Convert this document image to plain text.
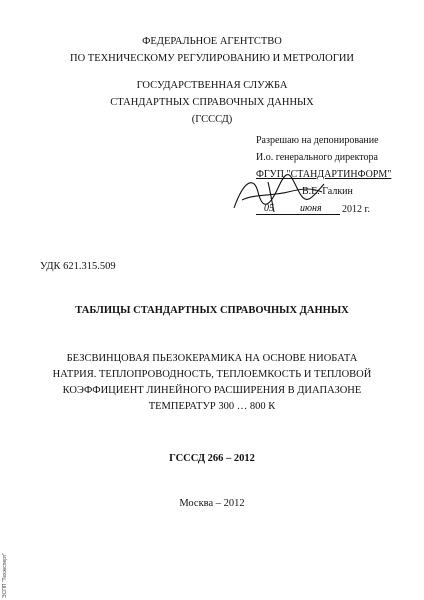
ФЕДЕРАЛЬНОЕ АГЕНТСТВО
ПО ТЕХНИЧЕСКОМУ РЕГУЛИРОВАНИЮ И МЕТРОЛОГИИ
ГОСУДАРСТВЕННАЯ СЛУЖБА
СТАНДАРТНЫХ СПРАВОЧНЫХ ДАННЫХ
(ГСССД)
Разрешаю на депонирование
И.о. генерального директора
ФГУП "СТАНДАРТИНФОРМ"
В.Е. Галкин
05	июня 2012 г.
УДК 621.315.509
ТАБЛИЦЫ СТАНДАРТНЫХ СПРАВОЧНЫХ ДАННЫХ
БЕЗСВИНЦОВАЯ ПЬЕЗОКЕРАМИКА НА ОСНОВЕ НИОБАТА
НАТРИЯ. ТЕПЛОПРОВОДНОСТЬ, ТЕПЛОЕМКОСТЬ И ТЕПЛОВОЙ
КОЭФФИЦИЕНТ ЛИНЕЙНОГО РАСШИРЕНИЯ В ДИАПАЗОНЕ
ТЕМПЕРАТУР 300 … 800 К
ГСССД 266 – 2012
Москва – 2012
ЭСПП "Техэксперт"
